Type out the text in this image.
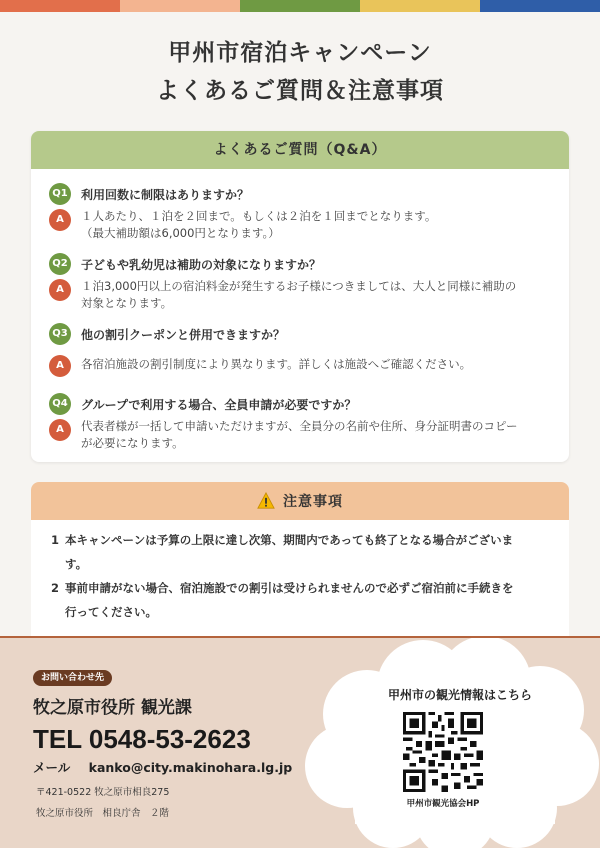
甲州市宿泊キャンペーン
よくあるご質問＆注意事項
よくあるご質問（Q&A）
Q1 利用回数に制限はありますか？
A	１人あたり、１泊を２回まで。もしくは２泊を１回までとなります。
（最大補助額は6,000円となります。）
Q2 子どもや乳幼児は補助の対象になりますか？
A	１泊3,000円以上の宿泊料金が発生するお子様につきましては、大人と同様に補助の
対象となります。
Q3 他の割引クーポンと併用できますか？
A	各宿泊施設の割引制度により異なります。詳しくは施設へご確認ください。
Q4 グループで利用する場合、全員申請が必要ですか？
A	代表者様が一括して申請いただけますが、全員分の名前や住所、身分証明書のコピー
が必要になります。
注意事項
1 本キャンペーンは予算の上限に達し次第、期間内であっても終了となる場合がございま
す。
2 事前申請がない場合、宿泊施設での割引は受けられませんので必ずご宿泊前に手続きを
行ってください。
お問い合わせ先
牧之原市役所 観光課
TEL 0548-53-2623
メール kanko@city.makinohara.lg.jp
〒421-0522 牧之原市相良275
牧之原市役所　相良庁舎　２階
甲州市の観光情報はこちら
甲州市観光協会HP
